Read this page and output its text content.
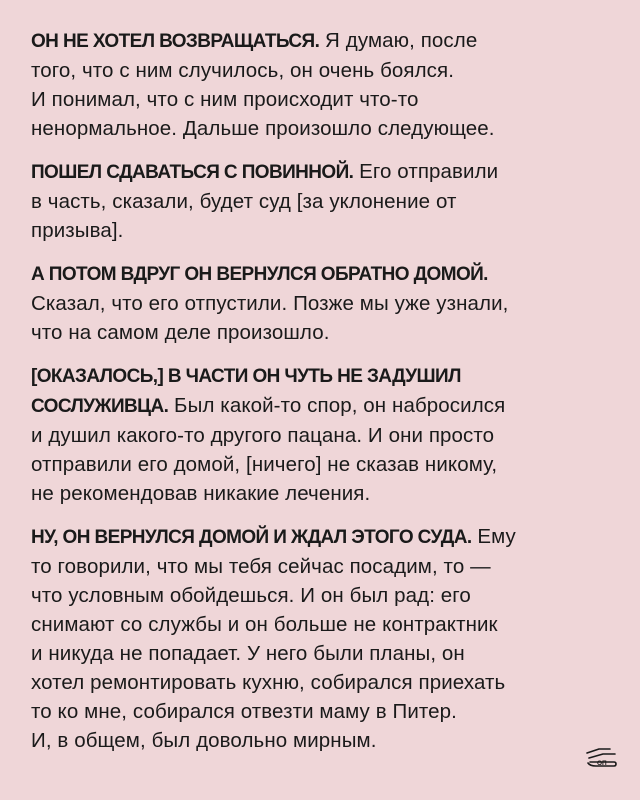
ОН НЕ ХОТЕЛ ВОЗВРАЩАТЬСЯ. Я думаю, после
того, что с ним случилось, он очень боялся.
И понимал, что с ним происходит что-то
ненормальное. Дальше произошло следующее.

ПОШЕЛ СДАВАТЬСЯ С ПОВИННОЙ. Его отправили
в часть, сказали, будет суд [за уклонение от
призыва].

А ПОТОМ ВДРУГ ОН ВЕРНУЛСЯ ОБРАТНО ДОМОЙ.
Сказал, что его отпустили. Позже мы уже узнали,
что на самом деле произошло.

[ОКАЗАЛОСЬ,] В ЧАСТИ ОН ЧУТЬ НЕ ЗАДУШИЛ
СОСЛУЖИВЦА. Был какой-то спор, он набросился
и душил какого-то другого пацана. И они просто
отправили его домой, [ничего] не сказав никому,
не рекомендовав никакие лечения.

НУ, ОН ВЕРНУЛСЯ ДОМОЙ И ЖДАЛ ЭТОГО СУДА. Ему
то говорили, что мы тебя сейчас посадим, то —
что условным обойдешься. И он был рад: его
снимают со службы и он больше не контрактник
и никуда не попадает. У него были планы, он
хотел ремонтировать кухню, собирался приехать
то ко мне, собирался отвезти маму в Питер.
И, в общем, был довольно мирным.

ОП
